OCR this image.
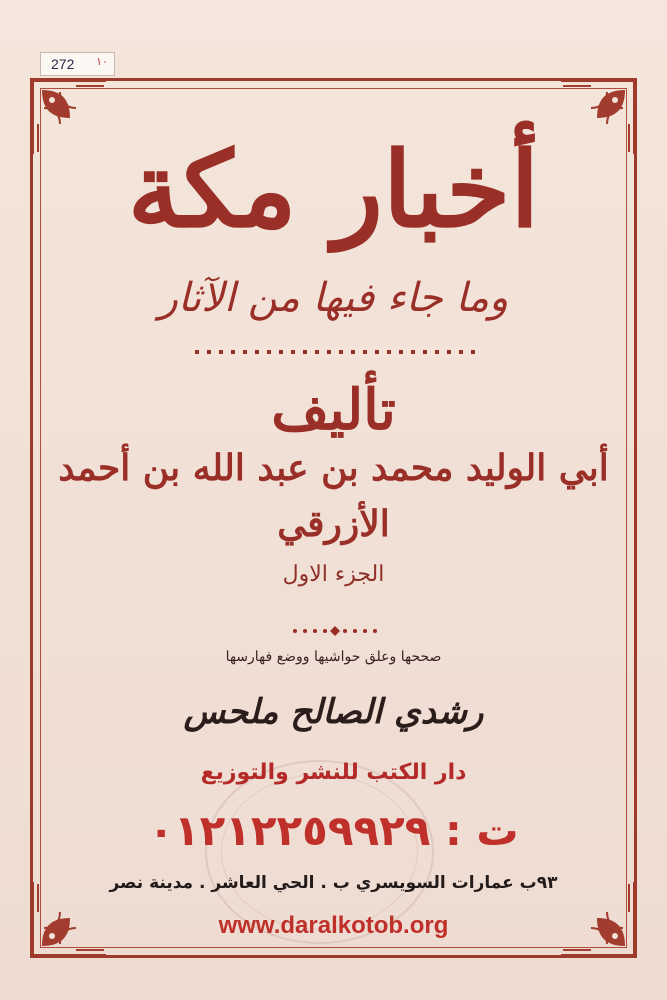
272 ١٠
أخبار مكة
وما جاء فيها من الآثار
تأليف
أبي الوليد محمد بن عبد الله بن أحمد الأزرقي
الجزء الاول
صححها وعلق حواشيها ووضع فهارسها
رشدي الصالح ملحس
دار الكتب للنشر والتوزيع
ت : ٠١٢١٢٢٥٩٩٢٩
٩٣ب عمارات السويسري ب . الحي العاشر . مدينة نصر
www.daralkotob.org
